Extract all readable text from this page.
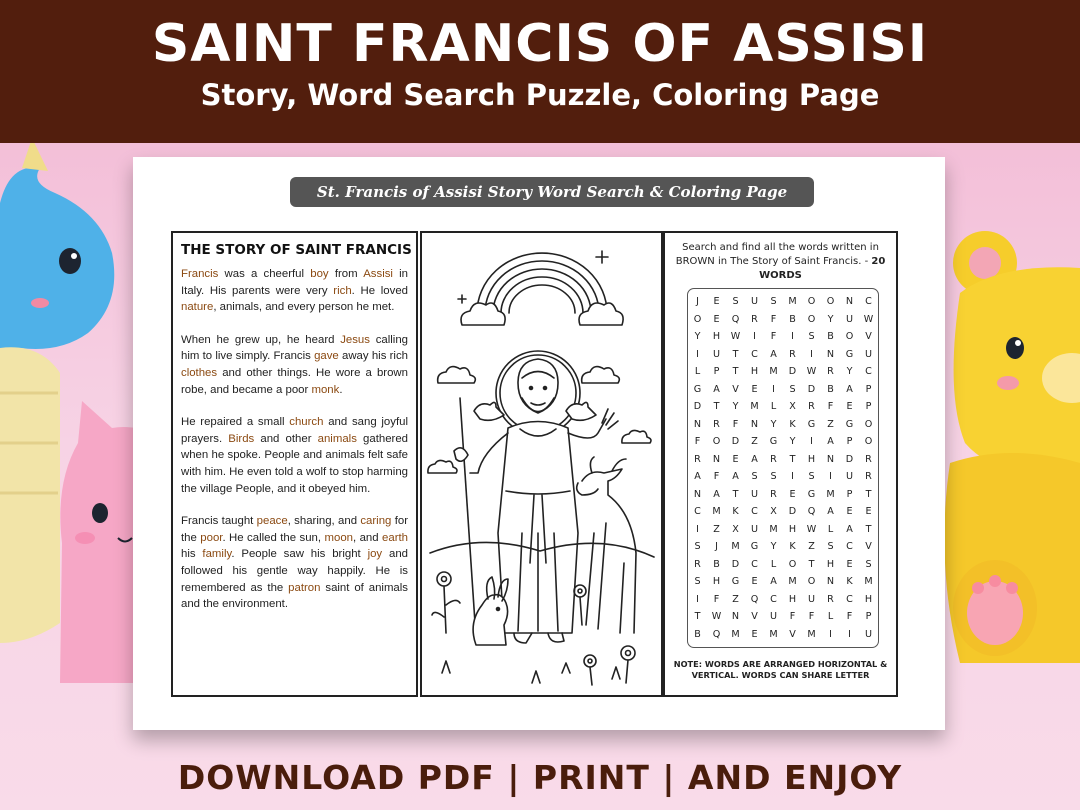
SAINT FRANCIS OF ASSISI
Story, Word Search Puzzle, Coloring Page
St. Francis of Assisi Story Word Search & Coloring Page
THE STORY OF SAINT FRANCIS

Francis was a cheerful boy from Assisi in Italy. His parents were very rich. He loved nature, animals, and every person he met.

When he grew up, he heard Jesus calling him to live simply. Francis gave away his rich clothes and other things. He wore a brown robe, and became a poor monk.

He repaired a small church and sang joyful prayers. Birds and other animals gathered when he spoke. People and animals felt safe with him. He even told a wolf to stop harming the village People, and it obeyed him.

Francis taught peace, sharing, and caring for the poor. He called the sun, moon, and earth his family. People saw his bright joy and followed his gentle way happily. He is remembered as the patron saint of animals and the environment.

Search and find all the words written in BROWN in The Story of Saint Francis. - 20 WORDS
J	E	S	U	S	M	O	O	N	C
O	E	Q	R	F	B	O	Y	U	W
Y	H	W	I	F	I	S	B	O	V
I	U	T	C	A	R	I	N	G	U
L	P	T	H	M	D	W	R	Y	C
G	A	V	E	I	S	D	B	A	P
D	T	Y	M	L	X	R	F	E	P
N	R	F	N	Y	K	G	Z	G	O
F	O	D	Z	G	Y	I	A	P	O
R	N	E	A	R	T	H	N	D	R
A	F	A	S	S	I	S	I	U	R
N	A	T	U	R	E	G	M	P	T
C	M	K	C	X	D	Q	A	E	E
I	Z	X	U	M	H	W	L	A	T
S	J	M	G	Y	K	Z	S	C	V
R	B	D	C	L	O	T	H	E	S
S	H	G	E	A	M	O	N	K	M
I	F	Z	Q	C	H	U	R	C	H
T	W	N	V	U	F	F	L	F	P
B	Q	M	E	M	V	M	I	I	U
NOTE: WORDS ARE ARRANGED HORIZONTAL & VERTICAL. WORDS CAN SHARE LETTER
DOWNLOAD PDF | PRINT | AND ENJOY
